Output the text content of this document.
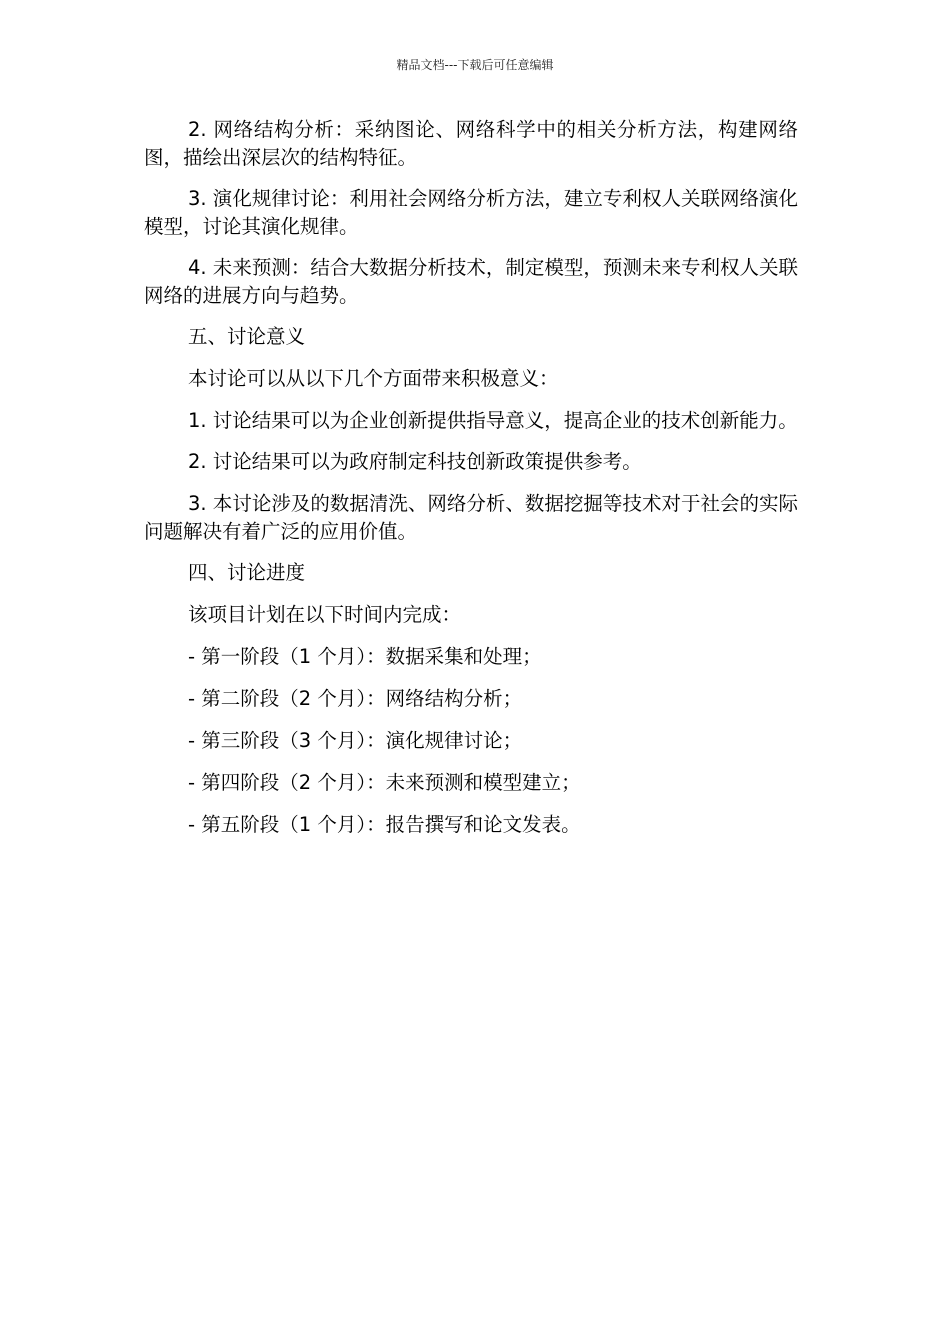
精品文档---下载后可任意编辑

2. 网络结构分析：采纳图论、网络科学中的相关分析方法，构建网络图，描绘出深层次的结构特征。

3. 演化规律讨论：利用社会网络分析方法，建立专利权人关联网络演化模型，讨论其演化规律。

4. 未来预测：结合大数据分析技术，制定模型，预测未来专利权人关联网络的进展方向与趋势。

五、讨论意义

本讨论可以从以下几个方面带来积极意义：

1. 讨论结果可以为企业创新提供指导意义，提高企业的技术创新能力。

2. 讨论结果可以为政府制定科技创新政策提供参考。

3. 本讨论涉及的数据清洗、网络分析、数据挖掘等技术对于社会的实际问题解决有着广泛的应用价值。

四、讨论进度

该项目计划在以下时间内完成：

- 第一阶段（1 个月）：数据采集和处理；

- 第二阶段（2 个月）：网络结构分析；

- 第三阶段（3 个月）：演化规律讨论；

- 第四阶段（2 个月）：未来预测和模型建立；

- 第五阶段（1 个月）：报告撰写和论文发表。
